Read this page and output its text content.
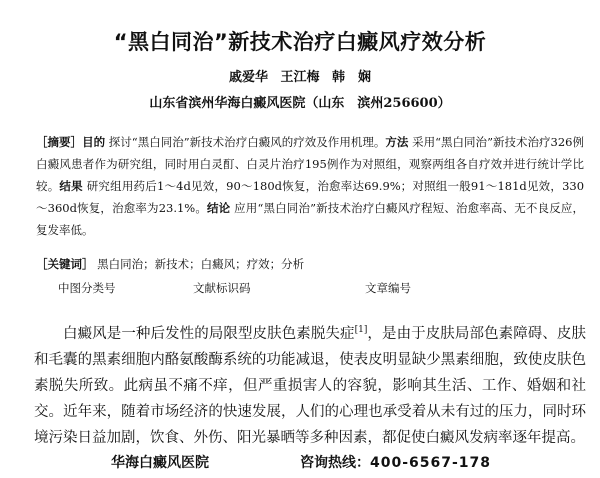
“黑白同治”新技术治疗白癜风疗效分析
戚爱华 王江梅 韩　娴
山东省滨州华海白癜风医院（山东　滨州256600）
［摘要］目的 探讨“黑白同治”新技术治疗白癜风的疗效及作用机理。方法 采用“黑白同治”新技术治疗326例白癜风患者作为研究组，同时用白灵酊、白灵片治疗195例作为对照组，观察两组各自疗效并进行统计学比较。结果 研究组用药后1～4d见效，90～180d恢复，治愈率达69.9%；对照组一般91～181d见效，330～360d恢复，治愈率为23.1%。结论 应用“黑白同治”新技术治疗白癜风疗程短、治愈率高、无不良反应，复发率低。
［关键词］ 黑白同治；新技术；白癜风；疗效；分析
中图分类号	文献标识码	文章编号
白癜风是一种后发性的局限型皮肤色素脱失症[1]，是由于皮肤局部色素障碍、皮肤和毛囊的黑素细胞内酪氨酸酶系统的功能减退，使表皮明显缺少黑素细胞，致使皮肤色素脱失所致。此病虽不痛不痒，但严重损害人的容貌，影响其生活、工作、婚姻和社交。近年来，随着市场经济的快速发展，人们的心理也承受着从未有过的压力，同时环境污染日益加剧，饮食、外伤、阳光暴晒等多种因素，都促使白癜风发病率逐年提高。
华海白癜风医院	咨询热线：400-6567-178
